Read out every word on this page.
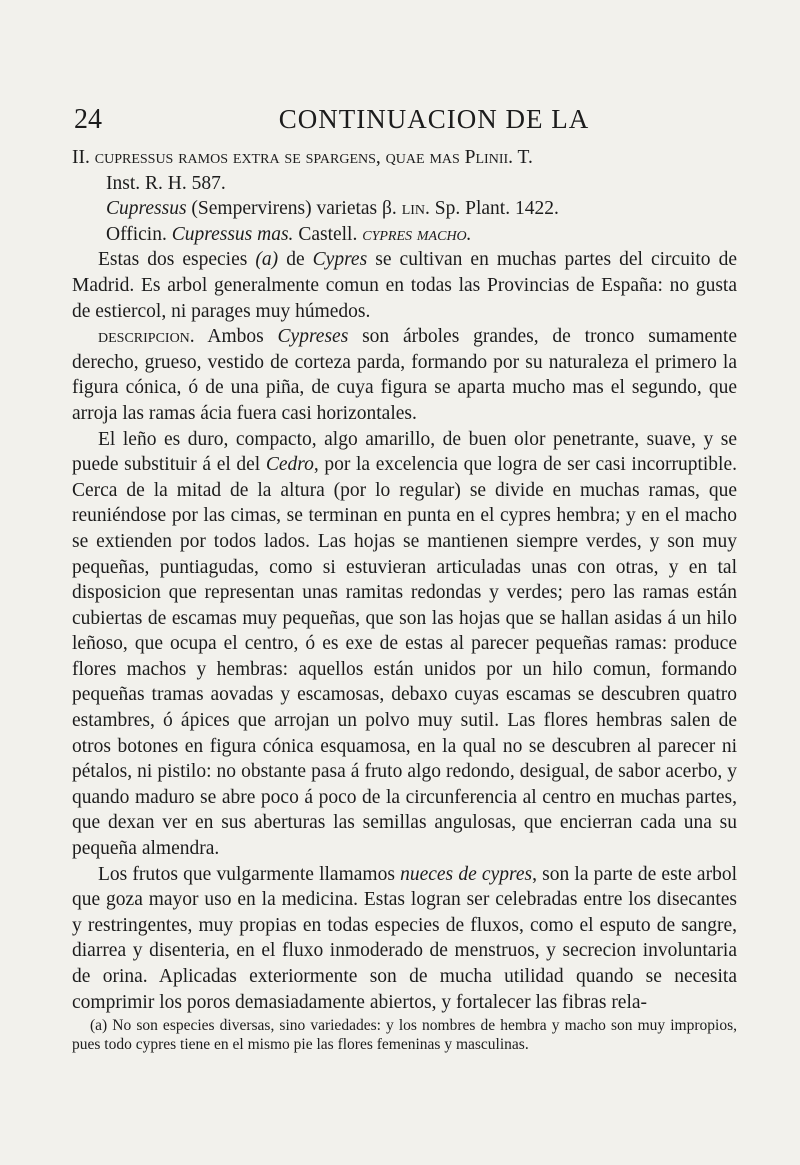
24	CONTINUACION DE LA

II. cupressus ramos extra se spargens, quae mas Plinii. T.

Inst. R. H. 587.

Cupressus (Sempervirens) varietas β. lin. Sp. Plant. 1422.

Officin. Cupressus mas. Castell. cypres macho.

Estas dos especies (a) de Cypres se cultivan en muchas partes del circuito de Madrid. Es arbol generalmente comun en todas las Provincias de España: no gusta de estiercol, ni parages muy húmedos.

descripcion. Ambos Cypreses son árboles grandes, de tronco sumamente derecho, grueso, vestido de corteza parda, formando por su naturaleza el primero la figura cónica, ó de una piña, de cuya figura se aparta mucho mas el segundo, que arroja las ramas ácia fuera casi horizontales.

El leño es duro, compacto, algo amarillo, de buen olor penetrante, suave, y se puede substituir á el del Cedro, por la excelencia que logra de ser casi incorruptible. Cerca de la mitad de la altura (por lo regular) se divide en muchas ramas, que reuniéndose por las cimas, se terminan en punta en el cypres hembra; y en el macho se extienden por todos lados. Las hojas se mantienen siempre verdes, y son muy pequeñas, puntiagudas, como si estuvieran articuladas unas con otras, y en tal disposicion que representan unas ramitas redondas y verdes; pero las ramas están cubiertas de escamas muy pequeñas, que son las hojas que se hallan asidas á un hilo leñoso, que ocupa el centro, ó es exe de estas al parecer pequeñas ramas: produce flores machos y hembras: aquellos están unidos por un hilo comun, formando pequeñas tramas aovadas y escamosas, debaxo cuyas escamas se descubren quatro estambres, ó ápices que arrojan un polvo muy sutil. Las flores hembras salen de otros botones en figura cónica esquamosa, en la qual no se descubren al parecer ni pétalos, ni pistilo: no obstante pasa á fruto algo redondo, desigual, de sabor acerbo, y quando maduro se abre poco á poco de la circunferencia al centro en muchas partes, que dexan ver en sus aberturas las semillas angulosas, que encierran cada una su pequeña almendra.

Los frutos que vulgarmente llamamos nueces de cypres, son la parte de este arbol que goza mayor uso en la medicina. Estas logran ser celebradas entre los disecantes y restringentes, muy propias en todas especies de fluxos, como el esputo de sangre, diarrea y disenteria, en el fluxo inmoderado de menstruos, y secrecion involuntaria de orina. Aplicadas exteriormente son de mucha utilidad quando se necesita comprimir los poros demasiadamente abiertos, y fortalecer las fibras rela-

(a) No son especies diversas, sino variedades: y los nombres de hembra y macho son muy impropios, pues todo cypres tiene en el mismo pie las flores femeninas y masculinas.
